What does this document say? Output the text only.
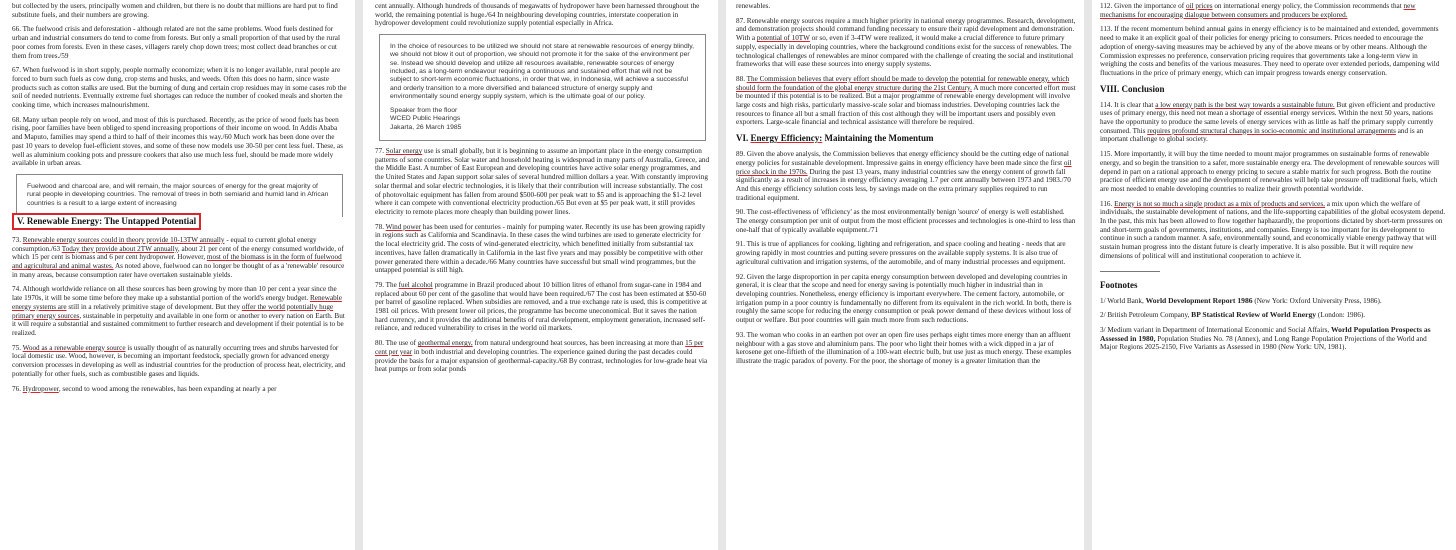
but collected by the users, principally women and children, but there is no doubt that millions are hard put to find substitute fuels, and their numbers are growing.

66. The fuelwood crisis and deforestation - although related are not the same problems. Wood fuels destined for urban and industrial consumers do tend to come from forests. But only a small proportion of that used by the rural poor comes from forests. Even in these cases, villagers rarely chop down trees; most collect dead branches or cut them from trees./59

67. When fuelwood is in short supply, people normally economize; when it is no longer available, rural people are forced to burn such fuels as cow dung, crop stems and husks, and weeds. Often this does no harm, since waste products such as cotton stalks are used. But the burning of dung and certain crop residues may in some cases rob the soil of needed nutrients. Eventually extreme fuel shortages can reduce the number of cooked meals and shorten the cooking time, which increases malnourishment.

68. Many urban people rely on wood, and most of this is purchased. Recently, as the price of wood fuels has been rising, poor families have been obliged to spend increasing proportions of their income on wood. In Addis Ababa and Maputo, families may spend a third to half of their incomes this way./60 Much work has been done over the past 10 years to develop fuel-efficient stoves, and some of these now models use 30-50 per cent less fuel. These, as well as aluminium cooking pots and pressure cookers that also use much less fuel, should be made more widely available in urban areas.

Fuelwood and charcoal are, and will remain, the major sources of energy for the great majority of rural people in developing countries. The removal of trees in both semiarid and humid land in African countries is a result to a large extent of increasing

V. Renewable Energy: The Untapped Potential

73. Renewable energy sources could in theory provide 10-13TW annually - equal to current global energy consumption./63 Today they provide about 2TW annually, about 21 per cent of the energy consumed worldwide, of which 15 per cent is biomass and 6 per cent hydropower. However, most of the biomass is in the form of fuelwood and agricultural and animal wastes. As noted above, fuelwood can no longer be thought of as a 'renewable' resource in many areas, because consumption rater have overtaken sustainable yields.

74. Although worldwide reliance on all these sources has been growing by more than 10 per cent a year since the late 1970s, it will be some time before they make up a substantial portion of the world's energy budget. Renewable energy systems are still in a relatively primitive stage of development. But they offer the world potentially huge primary energy sources, sustainable in perpetuity and available in one form or another to every nation on Earth. But it will require a substantial and sustained commitment to further research and development if their potential is to be realized.

75. Wood as a renewable energy source is usually thought of as naturally occurring trees and shrubs harvested for local domestic use. Wood, however, is becoming an important feedstock, specially grown for advanced energy conversion processes in developing as well as industrial countries for the production of process heat, electricity, and potentially for other fuels, such as combustible gases and liquids.

76. Hydropower, second to wood among the renewables, has been expanding at nearly a per

cent annually. Although hundreds of thousands of megawatts of hydropower have been harnessed throughout the world, the remaining potential is huge./64 In neighbouring developing countries, interstate cooperation in hydropower development could revolutionize supply potential especially in Africa.

In the choice of resources to be utilized we should not stare at renewable resources of energy blindly, we should not blow it out of proportion, we should not promote it for the sake of the environment per se. Instead we should develop and utilize all resources available, renewable sources of energy included, as a long-term endeavour requiring a continuous and sustained effort that will not be subject to short-term economic fluctuations, in order that we, in Indonesia, will achieve a successful and orderly transition to a more diversified and balanced structure of energy supply and environmentally sound energy supply system, which is the ultimate goal of our policy.

Speaker from the floor
WCED Public Hearings
Jakarta, 26 March 1985

77. Solar energy use is small globally, but it is beginning to assume an important place in the energy consumption patterns of some countries. Solar water and household heating is widespread in many parts of Australia, Greece, and the Middle East. A number of East European and developing countries have active solar energy programmes, and the United States and Japan support solar sales of several hundred million dollars a year. With constantly improving solar thermal and solar electric technologies, it is likely that their contribution will increase substantially. The cost of photovoltaic equipment has fallen from around $500-600 per peak watt to $5 and is approaching the $1-2 level where it can compete with conventional electricity production./65 But even at $5 per peak watt, it still provides electricity to remote places more cheaply than building power lines.

78. Wind power has been used for centuries - mainly for pumping water. Recently its use has been growing rapidly in regions such as California and Scandinavia. In these cases the wind turbines are used to generate electricity for the local electricity grid. The costs of wind-generated electricity, which benefitted initially from substantial tax incentives, have fallen dramatically in California in the last five years and may possibly be competitive with other power generated there within a decade./66 Many countries have successful but small wind programmes, but the untapped potential is still high.

79. The fuel alcohol programme in Brazil produced about 10 billion litres of ethanol from sugar-cane in 1984 and replaced about 60 per cent of the gasoline that would have been required./67 The cost has been estimated at $50-60 per barrel of gasoline replaced. When subsidies are removed, and a true exchange rate is used, this is competitive at 1981 oil prices. With present lower oil prices, the programme has become uneconomical. But it saves the nation hard currency, and it provides the additional benefits of rural development, employment generation, increased self-reliance, and reduced vulnerability to crises in the world oil markets.

80. The use of geothermal energy, from natural underground heat sources, has been increasing at more than 15 per cent per year in both industrial and developing countries. The experience gained during the past decades could provide the basis for a major expansion of geothermal-capacity./68 By contrast, technologies for low-grade heat via heat pumps or from solar ponds

renewables.

87. Renewable energy sources require a much higher priority in national energy programmes. Research, development, and demonstration projects should command funding necessary to ensure their rapid development and demonstration. With a potential of 10TW or so, even if 3-4TW were realized, it would make a crucial difference to future primary supply, especially in developing countries, where the background conditions exist for the success of renewables. The technological challenges of renewables are minor compared with the challenge of creating the social and institutional frameworks that will ease these sources into energy supply systems.

88. The Commission believes that every effort should be made to develop the potential for renewable energy, which should form the foundation of the global energy structure during the 21st Century. A much more concerted effort must be mounted if this potential is to be realized. But a major programme of renewable energy development will involve large costs and high risks, particularly massive-scale solar and biomass industries. Developing countries lack the resources to finance all but a small fraction of this cost although they will be important users and possibly even exporters. Large-scale financial and technical assistance will therefore be required.

VI. Energy Efficiency: Maintaining the Momentum

89. Given the above analysis, the Commission believes that energy efficiency should be the cutting edge of national energy policies for sustainable development. Impressive gains in energy efficiency have been made since the first oil price shock in the 1970s. During the past 13 years, many industrial countries saw the energy content of growth fall significantly as a result of increases in energy efficiency averaging 1.7 per cent annually between 1973 and 1983./70 And this energy efficiency solution costs less, by savings made on the extra primary supplies required to run traditional equipment.

90. The cost-effectiveness of 'efficiency' as the most environmentally benign 'source' of energy is well established. The energy consumption per unit of output from the most efficient processes and technologies is one-third to less than one-half that of typically available equipment./71

91. This is true of appliances for cooking, lighting and refrigeration, and space cooling and heating - needs that are growing rapidly in most countries and putting severe pressures on the available supply systems. It is also true of agricultural cultivation and irrigation systems, of the automobile, and of many industrial processes and equipment.

92. Given the large disproportion in per capita energy consumption between developed and developing countries in general, it is clear that the scope and need for energy saving is potentially much higher in industrial than in developing countries. Nonetheless, energy efficiency is important everywhere. The cement factory, automobile, or irrigation pump in a poor country is fundamentally no different from its equivalent in the rich world. In both, there is roughly the same scope for reducing the energy consumption or peak power demand of these devices without loss of output or welfare. But poor countries will gain much more from such reductions.

93. The woman who cooks in an earthen pot over an open fire uses perhaps eight times more energy than an affluent neighbour with a gas stove and aluminium pans. The poor who light their homes with a wick dipped in a jar of kerosene get one-fiftieth of the illumination of a 100-watt electric bulb, but use just as much energy. These examples illustrate the tragic paradox of poverty. For the poor, the shortage of money is a greater limitation than the

112. Given the importance of oil prices on international energy policy, the Commission recommends that new mechanisms for encouraging dialogue between consumers and producers be explored.

113. If the recent momentum behind annual gains in energy efficiency is to be maintained and extended, governments need to make it an explicit goal of their policies for energy pricing to consumers. Prices needed to encourage the adoption of energy-saving measures may be achieved by any of the above means or by other means. Although the Commission expresses no preference, conservation pricing requires that governments take a long-term view in weighing the costs and benefits of the various measures. They need to operate over extended periods, dampening wild fluctuations in the price of primary energy, which can impair progress towards energy conservation.

VIII. Conclusion

114. It is clear that a low energy path is the best way towards a sustainable future. But given efficient and productive uses of primary energy, this need not mean a shortage of essential energy services. Within the next 50 years, nations have the opportunity to produce the same levels of energy services with as little as half the primary supply currently consumed. This requires profound structural changes in socio-economic and institutional arrangements and is an important challenge to global society.

115. More importantly, it will buy the time needed to mount major programmes on sustainable forms of renewable energy, and so begin the transition to a safer, more sustainable energy era. The development of renewable sources will depend in part on a rational approach to energy pricing to secure a stable matrix for such progress. Both the routine practice of efficient energy use and the development of renewables will help take pressure off traditional fuels, which are most needed to enable developing countries to realize their growth potential worldwide.

116. Energy is not so much a single product as a mix of products and services, a mix upon which the welfare of individuals, the sustainable development of nations, and the life-supporting capabilities of the global ecosystem depend. In the past, this mix has been allowed to flow together haphazardly, the proportions dictated by short-term pressures on and short-term goals of governments, institutions, and companies. Energy is too important for its development to continue in such a random manner. A safe, environmentally sound, and economically viable energy pathway that will sustain human progress into the distant future is clearly imperative. It is also possible. But it will require new dimensions of political will and institutional cooperation to achieve it.

Footnotes

1/ World Bank, World Development Report 1986 (New York: Oxford University Press, 1986).

2/ British Petroleum Company, BP Statistical Review of World Energy (London: 1986).

3/ Medium variant in Department of International Economic and Social Affairs, World Population Prospects as Assessed in 1980, Population Studies No. 78 (Annex), and Long Range Population Projections of the World and Major Regions 2025-2150, Five Variants as Assessed in 1980 (New York: UN, 1981).
